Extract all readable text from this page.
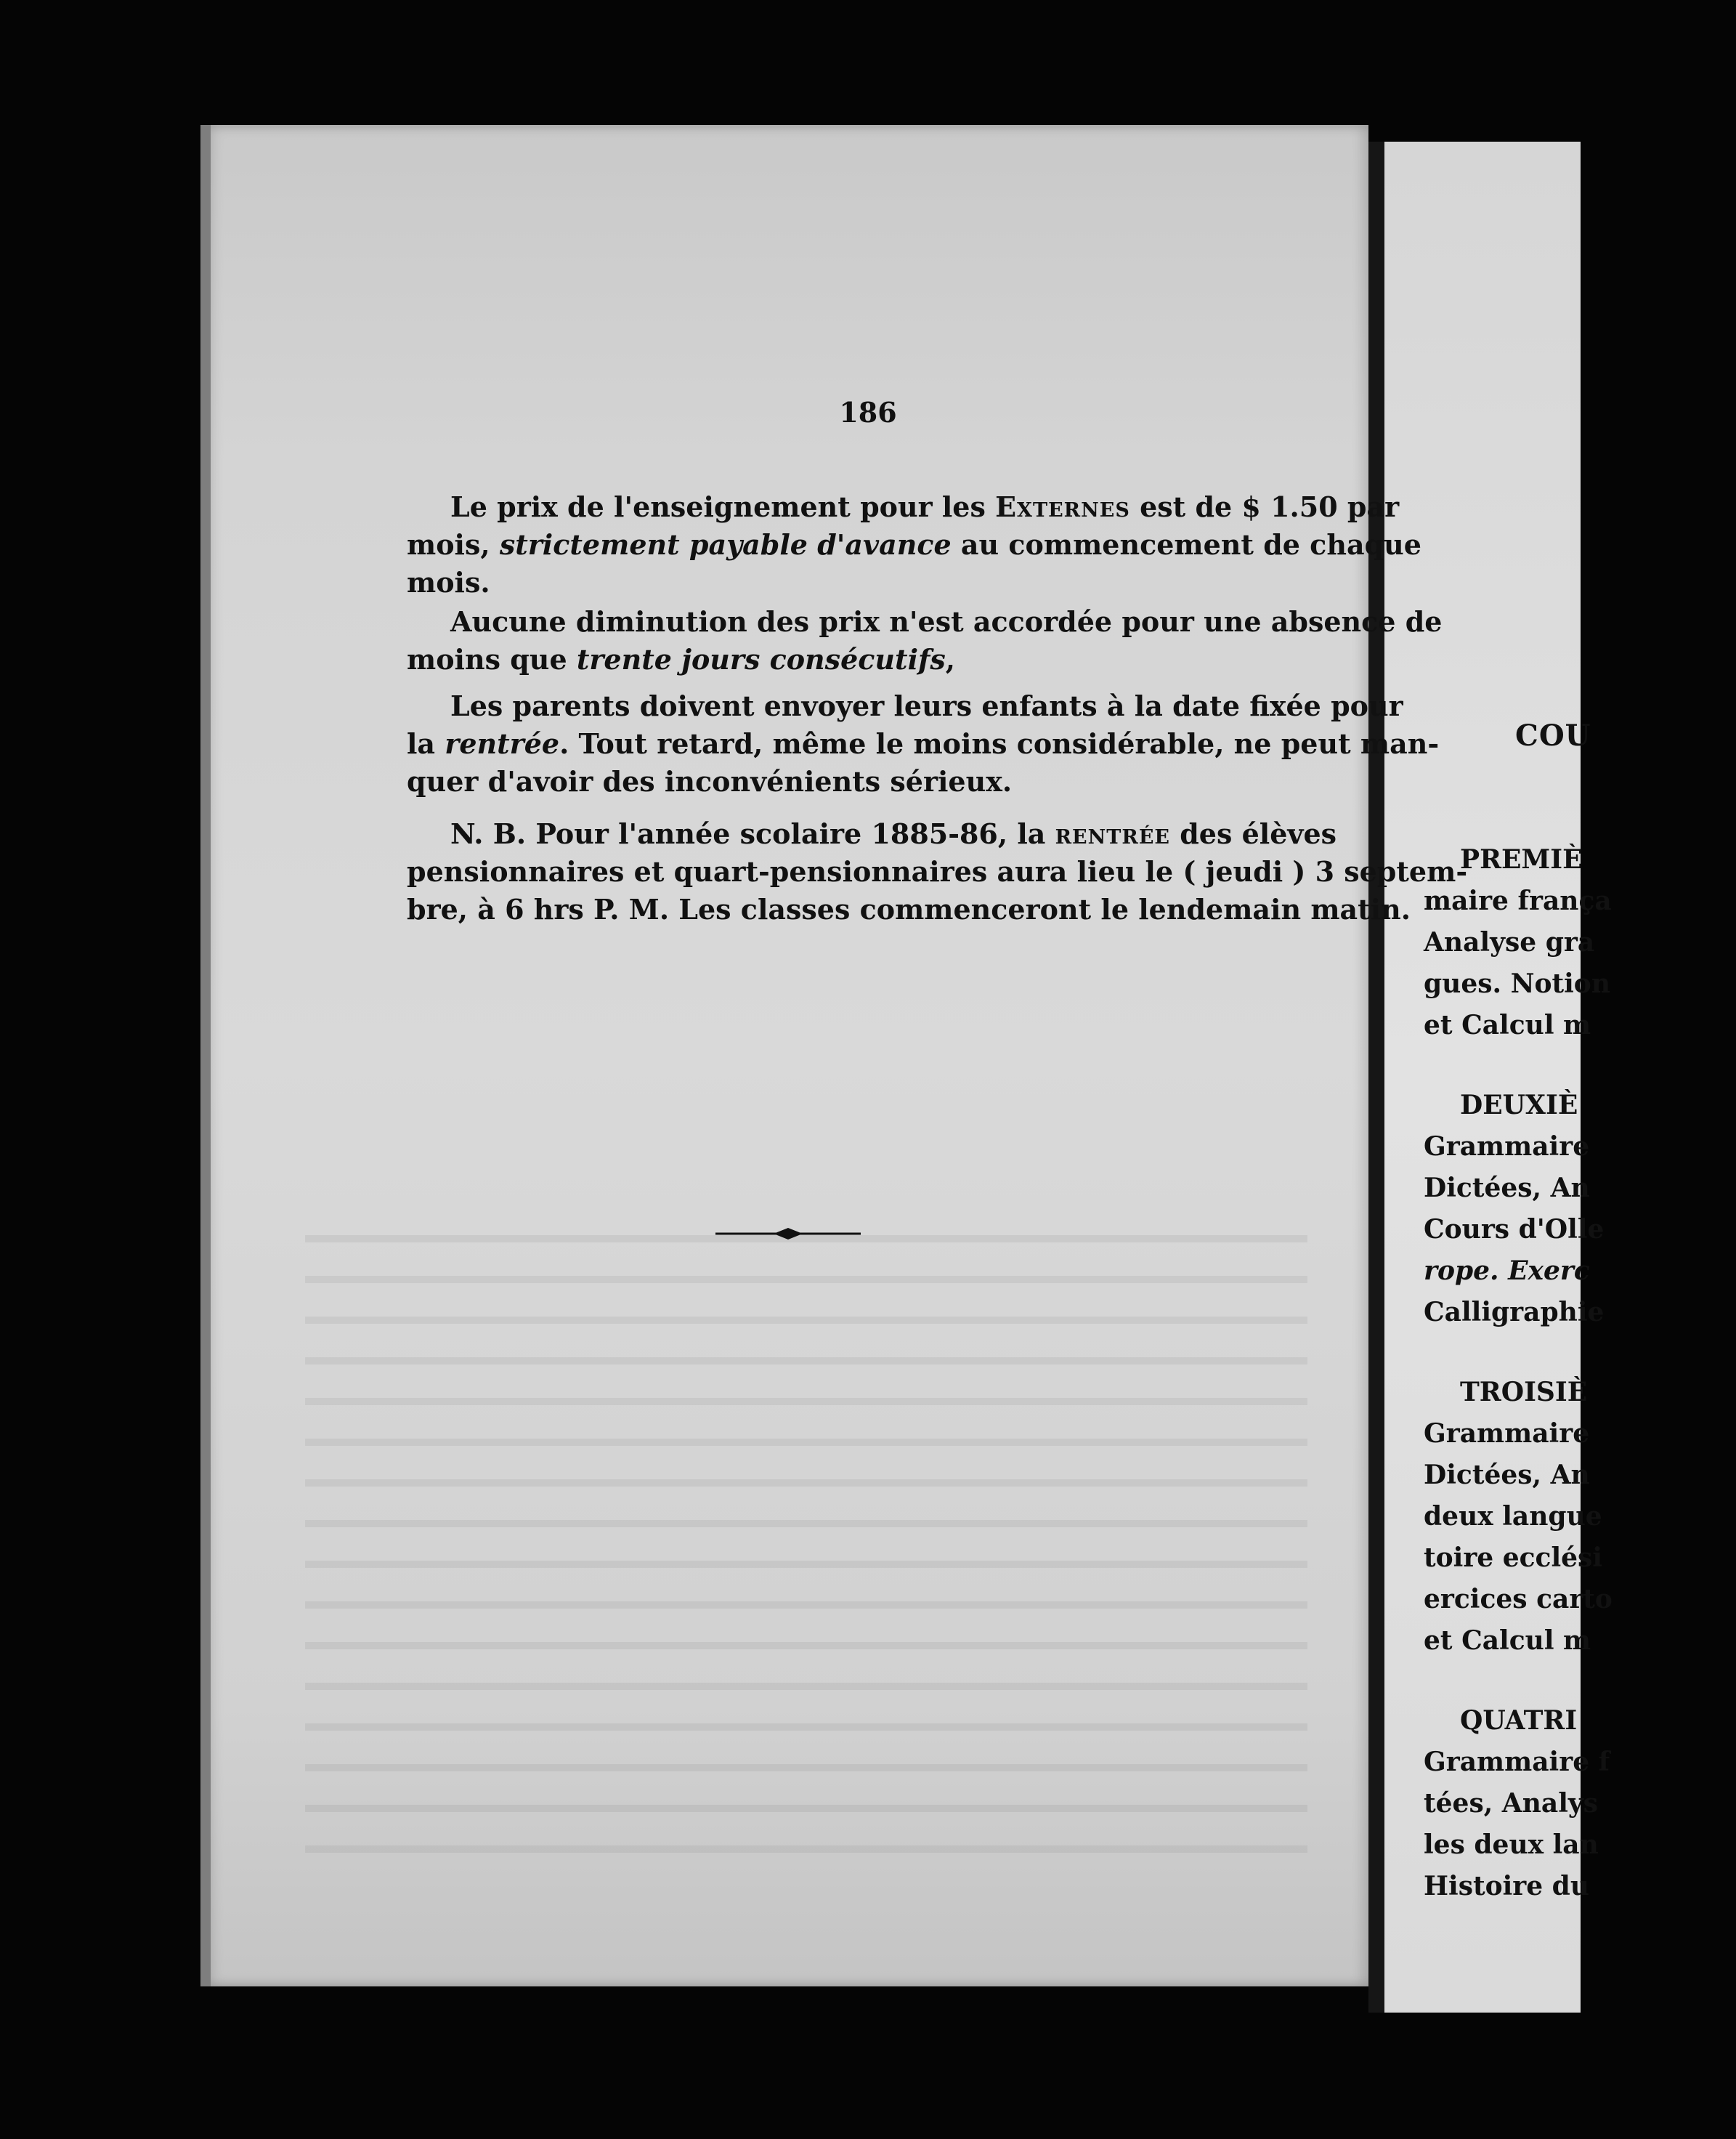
186
Le prix de l'enseignement pour les Externes est de $ 1.50 par
mois, strictement payable d'avance au commencement de chaque
mois.
Aucune diminution des prix n'est accordée pour une absence de
moins que trente jours consécutifs,
Les parents doivent envoyer leurs enfants à la date fixée pour
la rentrée. Tout retard, même le moins considérable, ne peut man-
quer d'avoir des inconvénients sérieux.
N. B. Pour l'année scolaire 1885-86, la rentrée des élèves
pensionnaires et quart-pensionnaires aura lieu le ( jeudi ) 3 septem-
bre, à 6 hrs P. M. Les classes commenceront le lendemain matin.
COU
PREMIÈ
maire frança
Analyse gra
gues. Notion
et Calcul m
DEUXIÈ
Grammaire
Dictées, An
Cours d'Olle
rope. Exerc
Calligraphie
TROISIÈ
Grammaire
Dictées, An
deux langue
toire ecclési
ercices carto
et Calcul m
QUATRI
Grammaire f
tées, Analys
les deux lan
Histoire du
